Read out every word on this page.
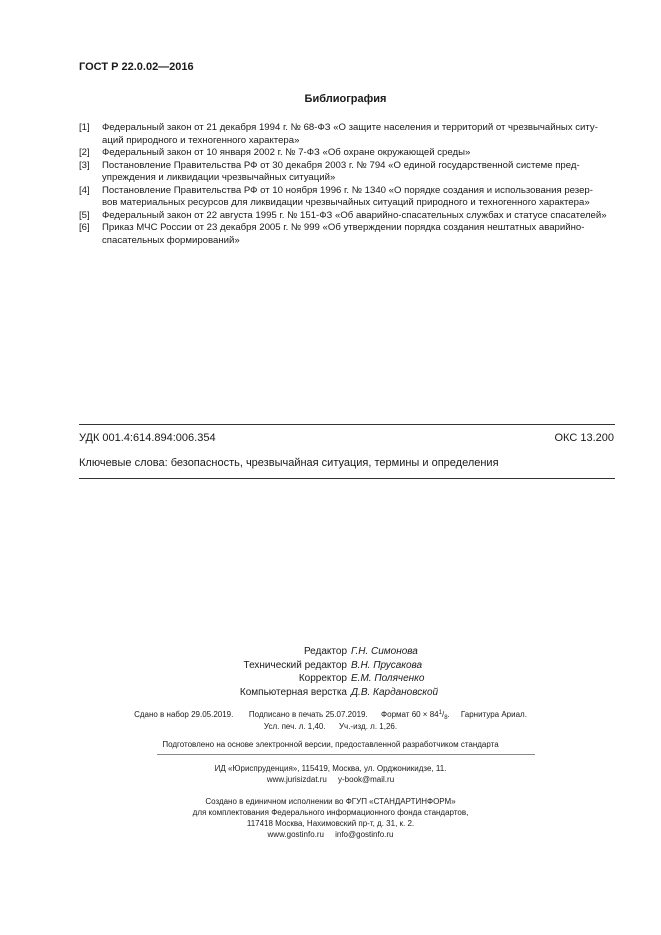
ГОСТ Р 22.0.02—2016
Библиография
[1]	Федеральный закон от 21 декабря 1994 г. № 68-ФЗ «О защите населения и территорий от чрезвычайных ситу-
аций природного и техногенного характера»
[2]	Федеральный закон от 10 января 2002 г. № 7-ФЗ «Об охране окружающей среды»
[3]	Постановление Правительства РФ от 30 декабря 2003 г. № 794 «О единой государственной системе пред-
упреждения и ликвидации чрезвычайных ситуаций»
[4]	Постановление Правительства РФ от 10 ноября 1996 г. № 1340 «О порядке создания и использования резер-
вов материальных ресурсов для ликвидации чрезвычайных ситуаций природного и техногенного характера»
[5]	Федеральный закон от 22 августа 1995 г. № 151-ФЗ «Об аварийно-спасательных службах и статусе спасателей»
[6]	Приказ МЧС России от 23 декабря 2005 г. № 999 «Об утверждении порядка создания нештатных аварийно-
спасательных формирований»
УДК 001.4:614.894:006.354	ОКС 13.200
Ключевые слова: безопасность, чрезвычайная ситуация, термины и определения
Редактор Г.Н. Симонова
Технический редактор В.Н. Прусакова
Корректор Е.М. Поляченко
Компьютерная верстка Д.В. Кардановской
Сдано в набор 29.05.2019. Подписано в печать 25.07.2019. Формат $60 \times 84^1/_8$. Гарнитура Ариал.
Усл. печ. л. 1,40. Уч.-изд. л. 1,26.
Подготовлено на основе электронной версии, предоставленной разработчиком стандарта
ИД «Юриспруденция», 115419, Москва, ул. Орджоникидзе, 11.
www.jurisizdat.ru y-book@mail.ru
Создано в единичном исполнении во ФГУП «СТАНДАРТИНФОРМ»
для комплектования Федерального информационного фонда стандартов,
117418 Москва, Нахимовский пр-т, д. 31, к. 2.
www.gostinfo.ru info@gostinfo.ru
